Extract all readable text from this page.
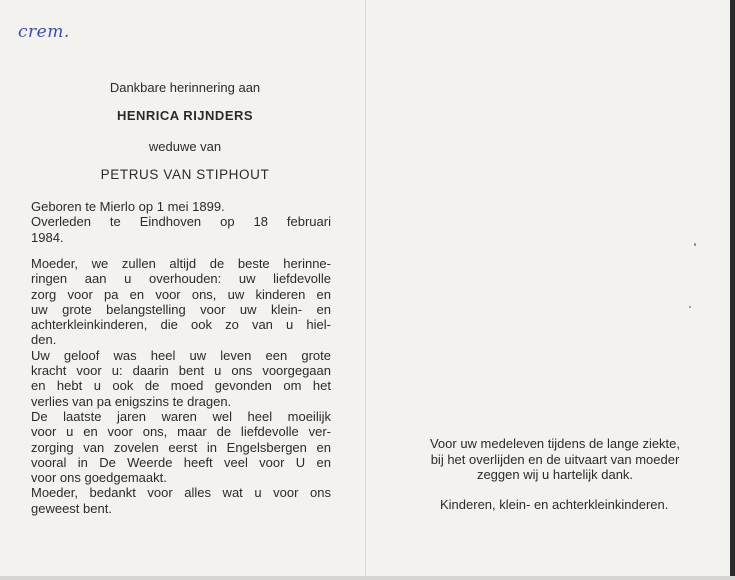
crem.
Dankbare herinnering aan
HENRICA RIJNDERS
weduwe van
PETRUS VAN STIPHOUT
Geboren te Mierlo op 1 mei 1899.
Overleden te Eindhoven op 18 februari
1984.
Moeder, we zullen altijd de beste herinne-
ringen aan u overhouden: uw liefdevolle
zorg voor pa en voor ons, uw kinderen en
uw grote belangstelling voor uw klein- en
achterkleinkinderen, die ook zo van u hiel-
den.
Uw geloof was heel uw leven een grote
kracht voor u: daarin bent u ons voorgegaan
en hebt u ook de moed gevonden om het
verlies van pa enigszins te dragen.
De laatste jaren waren wel heel moeilijk
voor u en voor ons, maar de liefdevolle ver-
zorging van zovelen eerst in Engelsbergen en
vooral in De Weerde heeft veel voor U en
voor ons goedgemaakt.
Moeder, bedankt voor alles wat u voor ons
geweest bent.
Voor uw medeleven tijdens de lange ziekte,
bij het overlijden en de uitvaart van moeder
zeggen wij u hartelijk dank.
Kinderen, klein- en achterkleinkinderen.
